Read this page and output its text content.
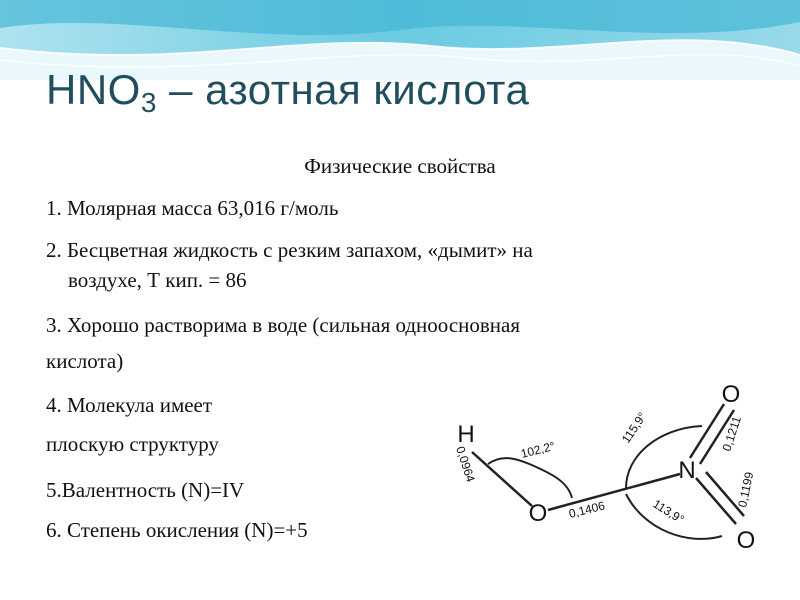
$HNO_3$ – азотная кислота
Физические свойства
1. Молярная масса 63,016 г/моль
2. Бесцветная жидкость с резким запахом, «дымит» на
воздухе, Т кип. = 86
3. Хорошо растворима в воде (сильная одноосновная
кислота)
4. Молекула имеет
плоскую структуру
5.Валентность (N)=IV
6. Степень окисления (N)=+5
H
O
N
O
O
0,0964
0,1406
0,1211
0,1199
102,2°
115,9°
113,9°
